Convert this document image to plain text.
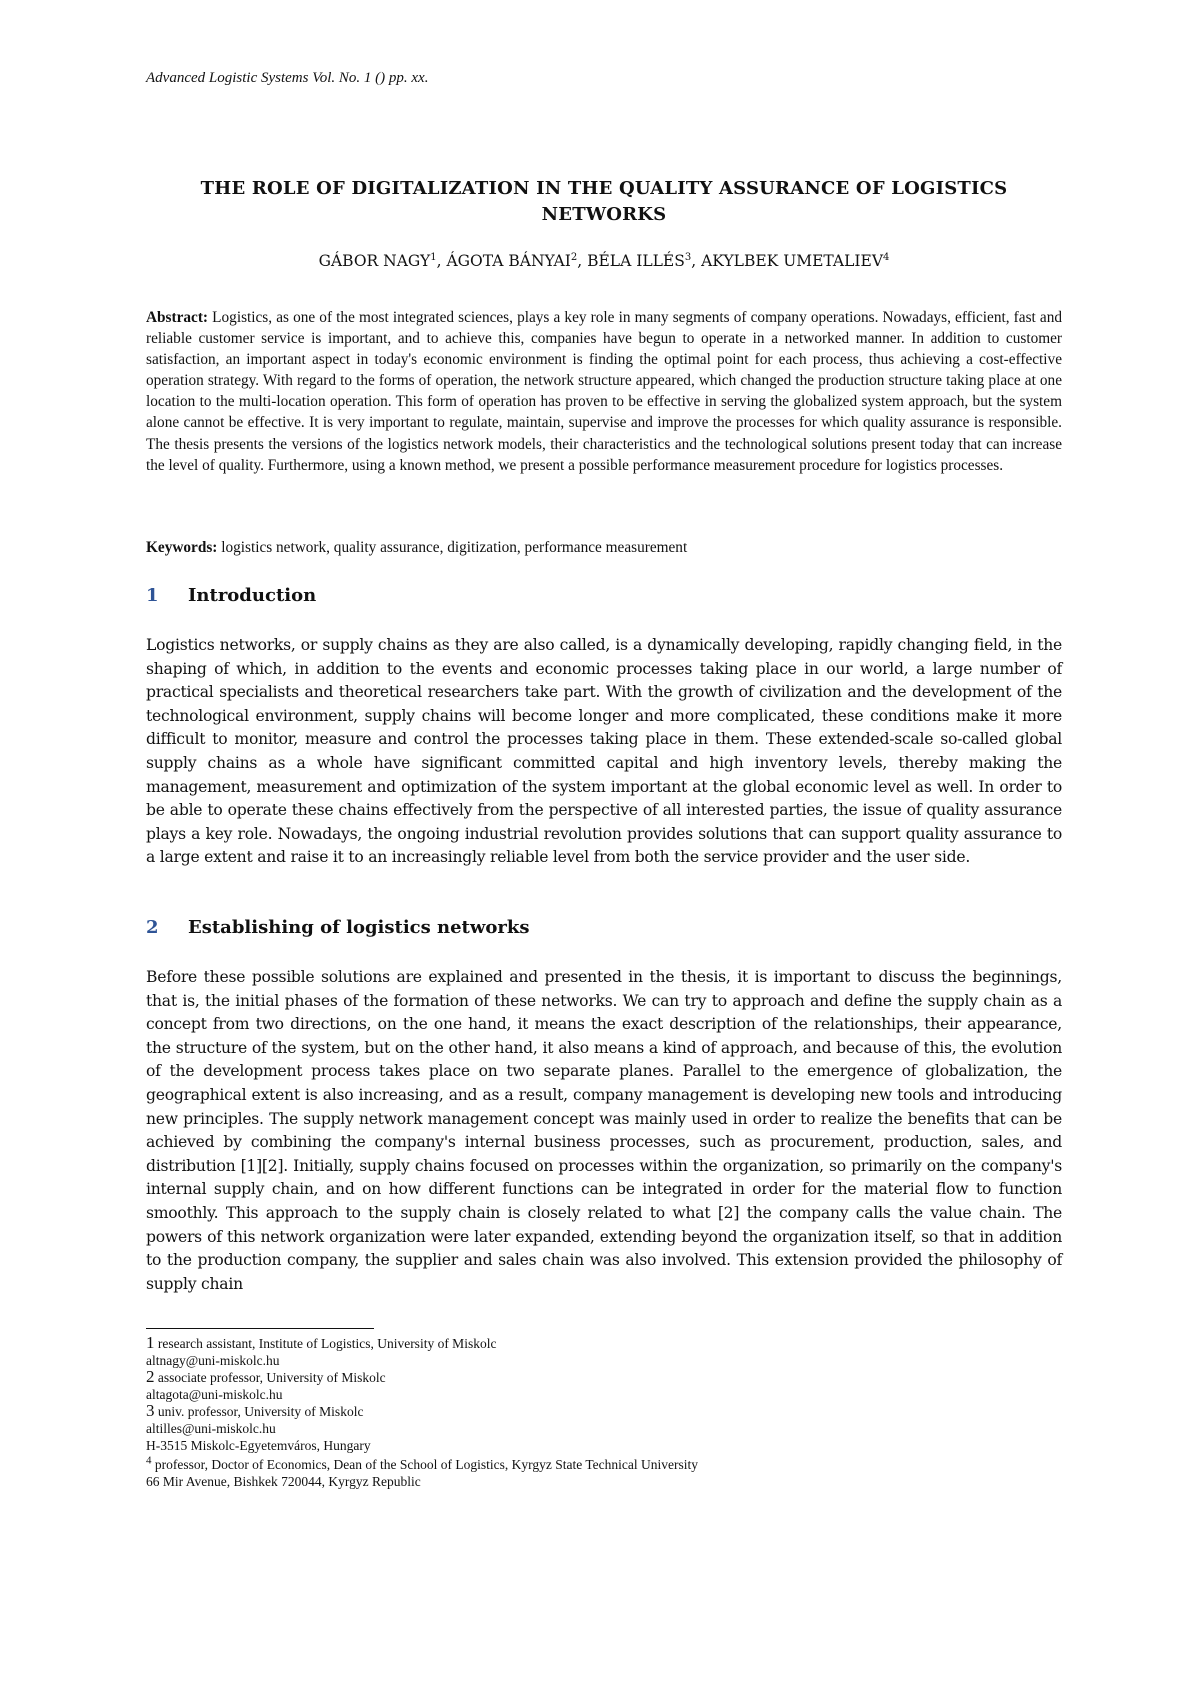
Advanced Logistic Systems Vol. No. 1 () pp. xx.
THE ROLE OF DIGITALIZATION IN THE QUALITY ASSURANCE OF LOGISTICS
NETWORKS
GÁBOR NAGY$^1$, ÁGOTA BÁNYAI$^2$, BÉLA ILLÉS$^3$, AKYLBEK UMETALIEV$^4$

Abstract: Logistics, as one of the most integrated sciences, plays a key role in many segments of company operations. Nowadays, efficient, fast and reliable customer service is important, and to achieve this, companies have begun to operate in a networked manner. In addition to customer satisfaction, an important aspect in today's economic environment is finding the optimal point for each process, thus achieving a cost-effective operation strategy. With regard to the forms of operation, the network structure appeared, which changed the production structure taking place at one location to the multi-location operation. This form of operation has proven to be effective in serving the globalized system approach, but the system alone cannot be effective. It is very important to regulate, maintain, supervise and improve the processes for which quality assurance is responsible. The thesis presents the versions of the logistics network models, their characteristics and the technological solutions present today that can increase the level of quality. Furthermore, using a known method, we present a possible performance measurement procedure for logistics processes.

Keywords: logistics network, quality assurance, digitization, performance measurement

1 Introduction

Logistics networks, or supply chains as they are also called, is a dynamically developing, rapidly changing field, in the shaping of which, in addition to the events and economic processes taking place in our world, a large number of practical specialists and theoretical researchers take part. With the growth of civilization and the development of the technological environment, supply chains will become longer and more complicated, these conditions make it more difficult to monitor, measure and control the processes taking place in them. These extended-scale so-called global supply chains as a whole have significant committed capital and high inventory levels, thereby making the management, measurement and optimization of the system important at the global economic level as well. In order to be able to operate these chains effectively from the perspective of all interested parties, the issue of quality assurance plays a key role. Nowadays, the ongoing industrial revolution provides solutions that can support quality assurance to a large extent and raise it to an increasingly reliable level from both the service provider and the user side.

2 Establishing of logistics networks

Before these possible solutions are explained and presented in the thesis, it is important to discuss the beginnings, that is, the initial phases of the formation of these networks. We can try to approach and define the supply chain as a concept from two directions, on the one hand, it means the exact description of the relationships, their appearance, the structure of the system, but on the other hand, it also means a kind of approach, and because of this, the evolution of the development process takes place on two separate planes. Parallel to the emergence of globalization, the geographical extent is also increasing, and as a result, company management is developing new tools and introducing new principles. The supply network management concept was mainly used in order to realize the benefits that can be achieved by combining the company's internal business processes, such as procurement, production, sales, and distribution [1][2]. Initially, supply chains focused on processes within the organization, so primarily on the company's internal supply chain, and on how different functions can be integrated in order for the material flow to function smoothly. This approach to the supply chain is closely related to what [2] the company calls the value chain. The powers of this network organization were later expanded, extending beyond the organization itself, so that in addition to the production company, the supplier and sales chain was also involved. This extension provided the philosophy of supply chain

1 research assistant, Institute of Logistics, University of Miskolc
altnagy@uni-miskolc.hu
2 associate professor, University of Miskolc
altagota@uni-miskolc.hu
3 univ. professor, University of Miskolc
altilles@uni-miskolc.hu
H-3515 Miskolc-Egyetemváros, Hungary
$^4$ professor, Doctor of Economics, Dean of the School of Logistics, Kyrgyz State Technical University
66 Mir Avenue, Bishkek 720044, Kyrgyz Republic
